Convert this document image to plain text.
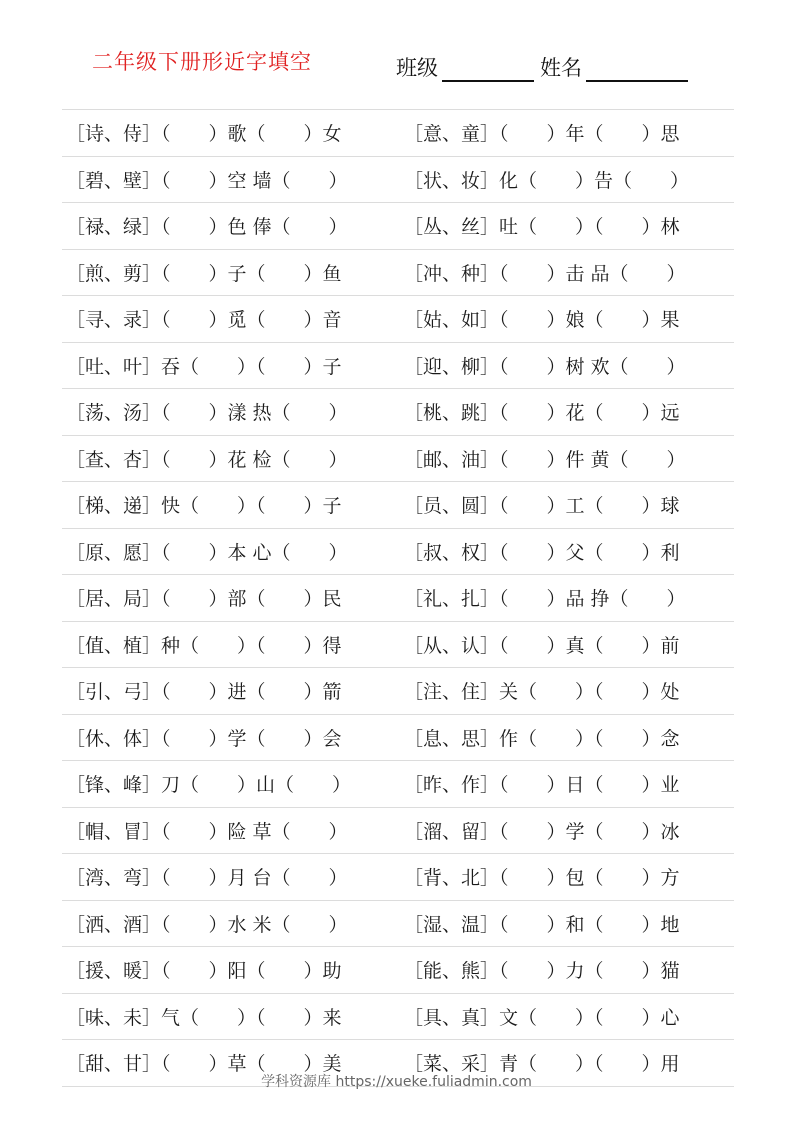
二年级下册形近字填空	班级	姓名
［诗、侍］（　　）歌（　　）女	［意、童］（　　）年（　　）思
［碧、壁］（　　）空 墙（　　）	［状、妆］化（　　）告（　　）
［禄、绿］（　　）色 俸（　　）	［丛、丝］吐（　　）（　　）林
［煎、剪］（　　）子（　　）鱼	［冲、种］（　　）击 品（　　）
［寻、录］（　　）觅（　　）音	［姑、如］（　　）娘（　　）果
［吐、叶］吞（　　）（　　）子	［迎、柳］（　　）树 欢（　　）
［荡、汤］（　　）漾 热（　　）	［桃、跳］（　　）花（　　）远
［查、杏］（　　）花 检（　　）	［邮、油］（　　）件 黄（　　）
［梯、递］快（　　）（　　）子	［员、圆］（　　）工（　　）球
［原、愿］（　　）本 心（　　）	［叔、权］（　　）父（　　）利
［居、局］（　　）部（　　）民	［礼、扎］（　　）品 挣（　　）
［值、植］种（　　）（　　）得	［从、认］（　　）真（　　）前
［引、弓］（　　）进（　　）箭	［注、住］关（　　）（　　）处
［休、体］（　　）学（　　）会	［息、思］作（　　）（　　）念
［锋、峰］刀（　　）山（　　）	［昨、作］（　　）日（　　）业
［帽、冒］（　　）险 草（　　）	［溜、留］（　　）学（　　）冰
［湾、弯］（　　）月 台（　　）	［背、北］（　　）包（　　）方
［洒、酒］（　　）水 米（　　）	［湿、温］（　　）和（　　）地
［援、暖］（　　）阳（　　）助	［能、熊］（　　）力（　　）猫
［味、未］气（　　）（　　）来	［具、真］文（　　）（　　）心
［甜、甘］（　　）草（　　）美	［菜、采］青（　　）（　　）用
学科资源库 https://xueke.fuliadmin.com
